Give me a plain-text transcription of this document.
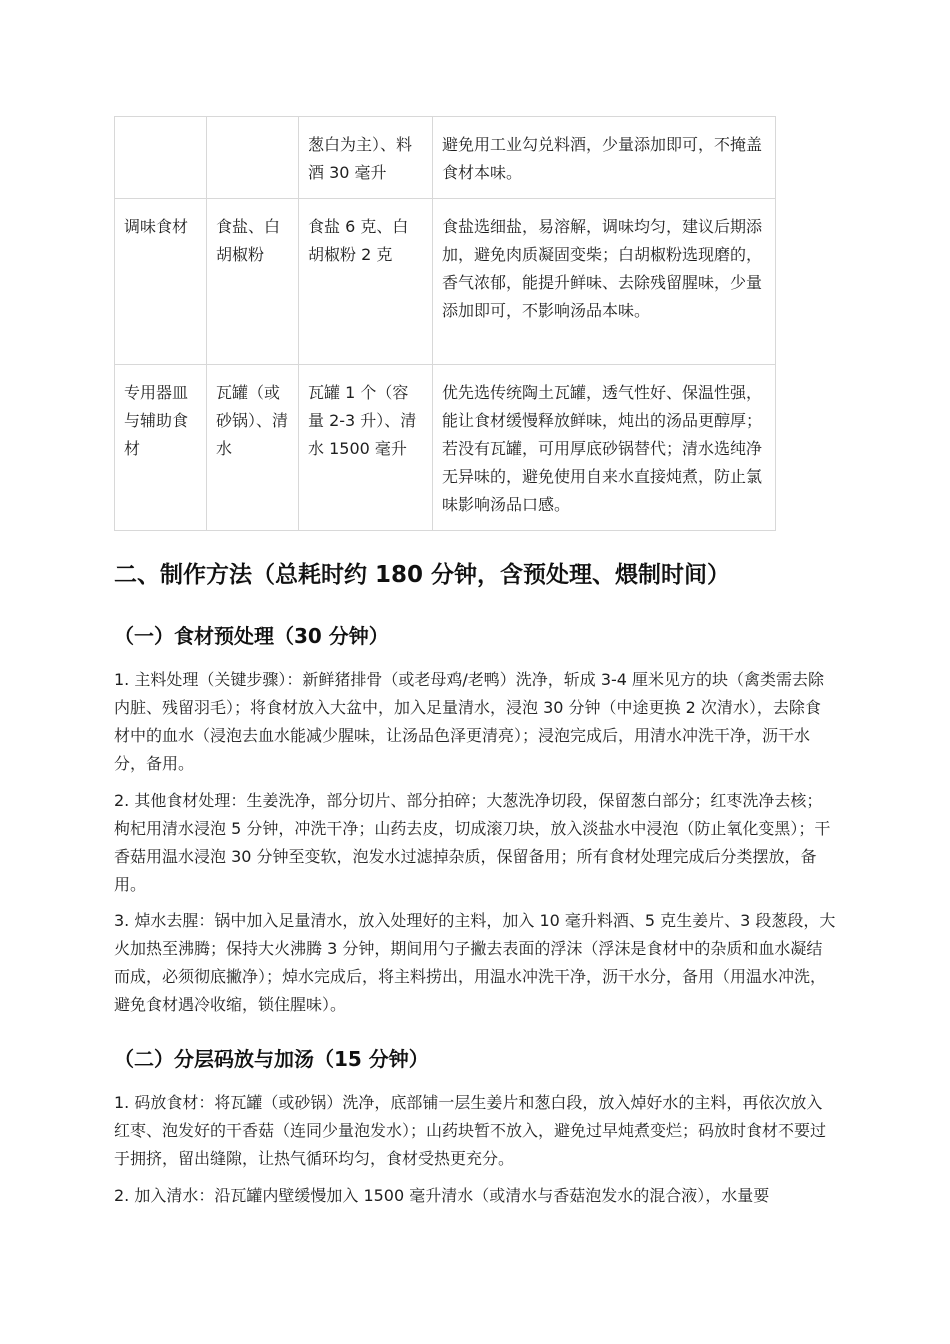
		葱白为主）、料酒 30 毫升	避免用工业勾兑料酒，少量添加即可，不掩盖食材本味。
调味食材	食盐、白胡椒粉	食盐 6 克、白胡椒粉 2 克	食盐选细盐，易溶解，调味均匀，建议后期添加，避免肉质凝固变柴；白胡椒粉选现磨的，香气浓郁，能提升鲜味、去除残留腥味，少量添加即可，不影响汤品本味。
专用器皿与辅助食材	瓦罐（或砂锅）、清水	瓦罐 1 个（容量 2-3 升）、清水 1500 毫升	优先选传统陶土瓦罐，透气性好、保温性强，能让食材缓慢释放鲜味，炖出的汤品更醇厚；若没有瓦罐，可用厚底砂锅替代；清水选纯净无异味的，避免使用自来水直接炖煮，防止氯味影响汤品口感。
二、制作方法（总耗时约 180 分钟，含预处理、煨制时间）
（一）食材预处理（30 分钟）

1. 主料处理（关键步骤）：新鲜猪排骨（或老母鸡/老鸭）洗净，斩成 3-4 厘米见方的块（禽类需去除内脏、残留羽毛）；将食材放入大盆中，加入足量清水，浸泡 30 分钟（中途更换 2 次清水），去除食材中的血水（浸泡去血水能减少腥味，让汤品色泽更清亮）；浸泡完成后，用清水冲洗干净，沥干水分，备用。

2. 其他食材处理：生姜洗净，部分切片、部分拍碎；大葱洗净切段，保留葱白部分；红枣洗净去核；枸杞用清水浸泡 5 分钟，冲洗干净；山药去皮，切成滚刀块，放入淡盐水中浸泡（防止氧化变黑）；干香菇用温水浸泡 30 分钟至变软，泡发水过滤掉杂质，保留备用；所有食材处理完成后分类摆放，备用。

3. 焯水去腥：锅中加入足量清水，放入处理好的主料，加入 10 毫升料酒、5 克生姜片、3 段葱段，大火加热至沸腾；保持大火沸腾 3 分钟，期间用勺子撇去表面的浮沫（浮沫是食材中的杂质和血水凝结而成，必须彻底撇净）；焯水完成后，将主料捞出，用温水冲洗干净，沥干水分，备用（用温水冲洗，避免食材遇冷收缩，锁住腥味）。

（二）分层码放与加汤（15 分钟）

1. 码放食材：将瓦罐（或砂锅）洗净，底部铺一层生姜片和葱白段，放入焯好水的主料，再依次放入红枣、泡发好的干香菇（连同少量泡发水）；山药块暂不放入，避免过早炖煮变烂；码放时食材不要过于拥挤，留出缝隙，让热气循环均匀，食材受热更充分。

2. 加入清水：沿瓦罐内壁缓慢加入 1500 毫升清水（或清水与香菇泡发水的混合液），水量要
